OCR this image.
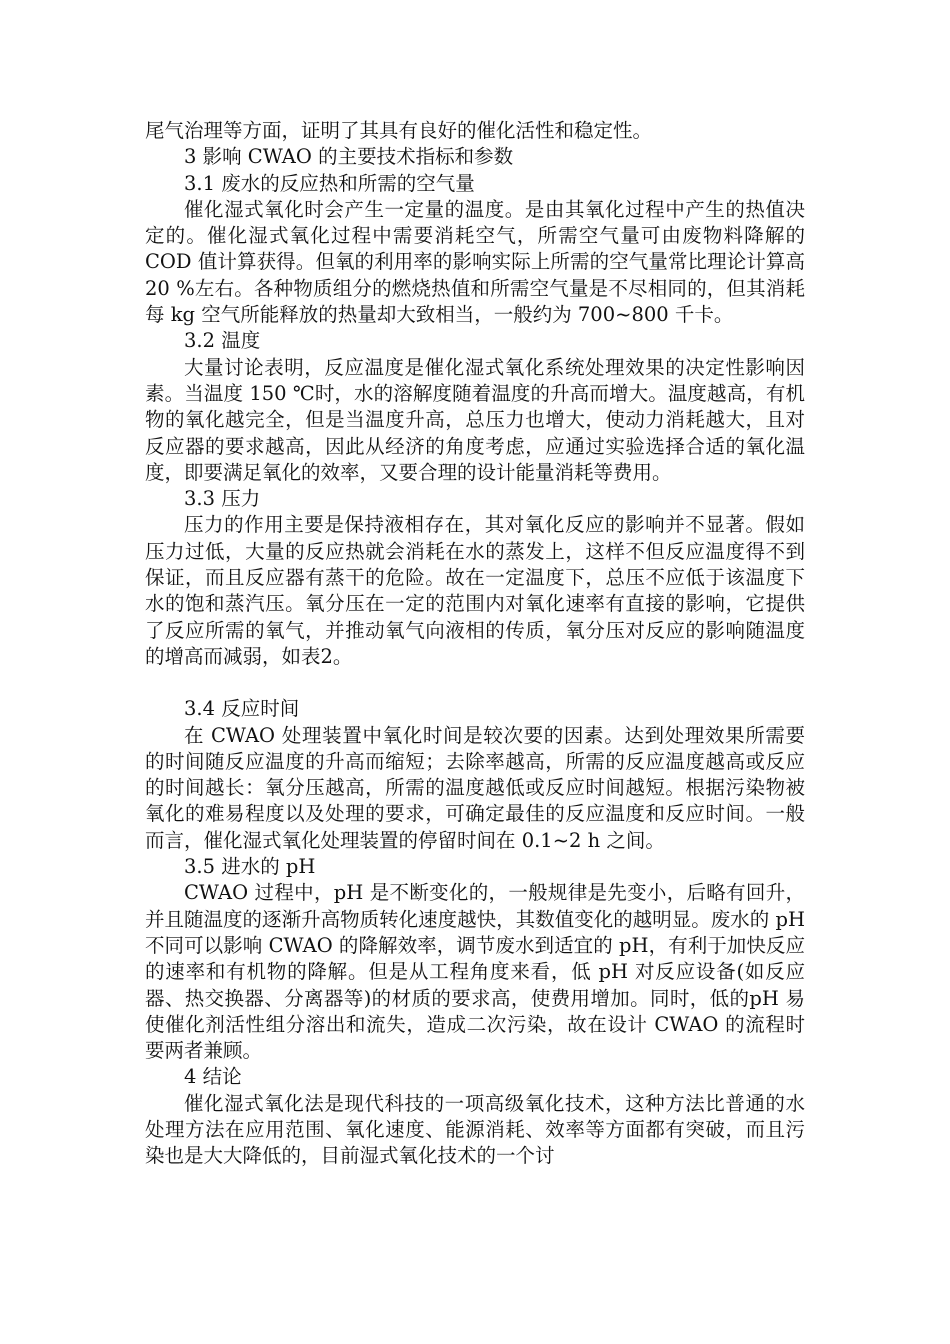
尾气治理等方面，证明了其具有良好的催化活性和稳定性。

3 影响 CWAO 的主要技术指标和参数

3.1 废水的反应热和所需的空气量

催化湿式氧化时会产生一定量的温度。是由其氧化过程中产生的热值决定的。催化湿式氧化过程中需要消耗空气，所需空气量可由废物料降解的 COD 值计算获得。但氧的利用率的影响实际上所需的空气量常比理论计算高 20 %左右。各种物质组分的燃烧热值和所需空气量是不尽相同的，但其消耗每 kg 空气所能释放的热量却大致相当，一般约为 700~800 千卡。

3.2 温度

大量讨论表明，反应温度是催化湿式氧化系统处理效果的决定性影响因素。当温度 150 ℃时，水的溶解度随着温度的升高而增大。温度越高，有机物的氧化越完全，但是当温度升高，总压力也增大，使动力消耗越大，且对反应器的要求越高，因此从经济的角度考虑，应通过实验选择合适的氧化温度，即要满足氧化的效率，又要合理的设计能量消耗等费用。

3.3 压力

压力的作用主要是保持液相存在，其对氧化反应的影响并不显著。假如压力过低，大量的反应热就会消耗在水的蒸发上，这样不但反应温度得不到保证，而且反应器有蒸干的危险。故在一定温度下，总压不应低于该温度下水的饱和蒸汽压。氧分压在一定的范围内对氧化速率有直接的影响，它提供了反应所需的氧气，并推动氧气向液相的传质，氧分压对反应的影响随温度的增高而减弱，如表2。

3.4 反应时间

在 CWAO 处理装置中氧化时间是较次要的因素。达到处理效果所需要的时间随反应温度的升高而缩短；去除率越高，所需的反应温度越高或反应的时间越长：氧分压越高，所需的温度越低或反应时间越短。根据污染物被氧化的难易程度以及处理的要求，可确定最佳的反应温度和反应时间。一般而言，催化湿式氧化处理装置的停留时间在 0.1~2 h 之间。

3.5 进水的 pH

CWAO 过程中，pH 是不断变化的，一般规律是先变小，后略有回升，并且随温度的逐渐升高物质转化速度越快，其数值变化的越明显。废水的 pH 不同可以影响 CWAO 的降解效率，调节废水到适宜的 pH，有利于加快反应的速率和有机物的降解。但是从工程角度来看，低 pH 对反应设备(如反应器、热交换器、分离器等)的材质的要求高，使费用增加。同时，低的pH 易使催化剂活性组分溶出和流失，造成二次污染，故在设计 CWAO 的流程时要两者兼顾。

4 结论

催化湿式氧化法是现代科技的一项高级氧化技术，这种方法比普通的水处理方法在应用范围、氧化速度、能源消耗、效率等方面都有突破，而且污染也是大大降低的，目前湿式氧化技术的一个讨
